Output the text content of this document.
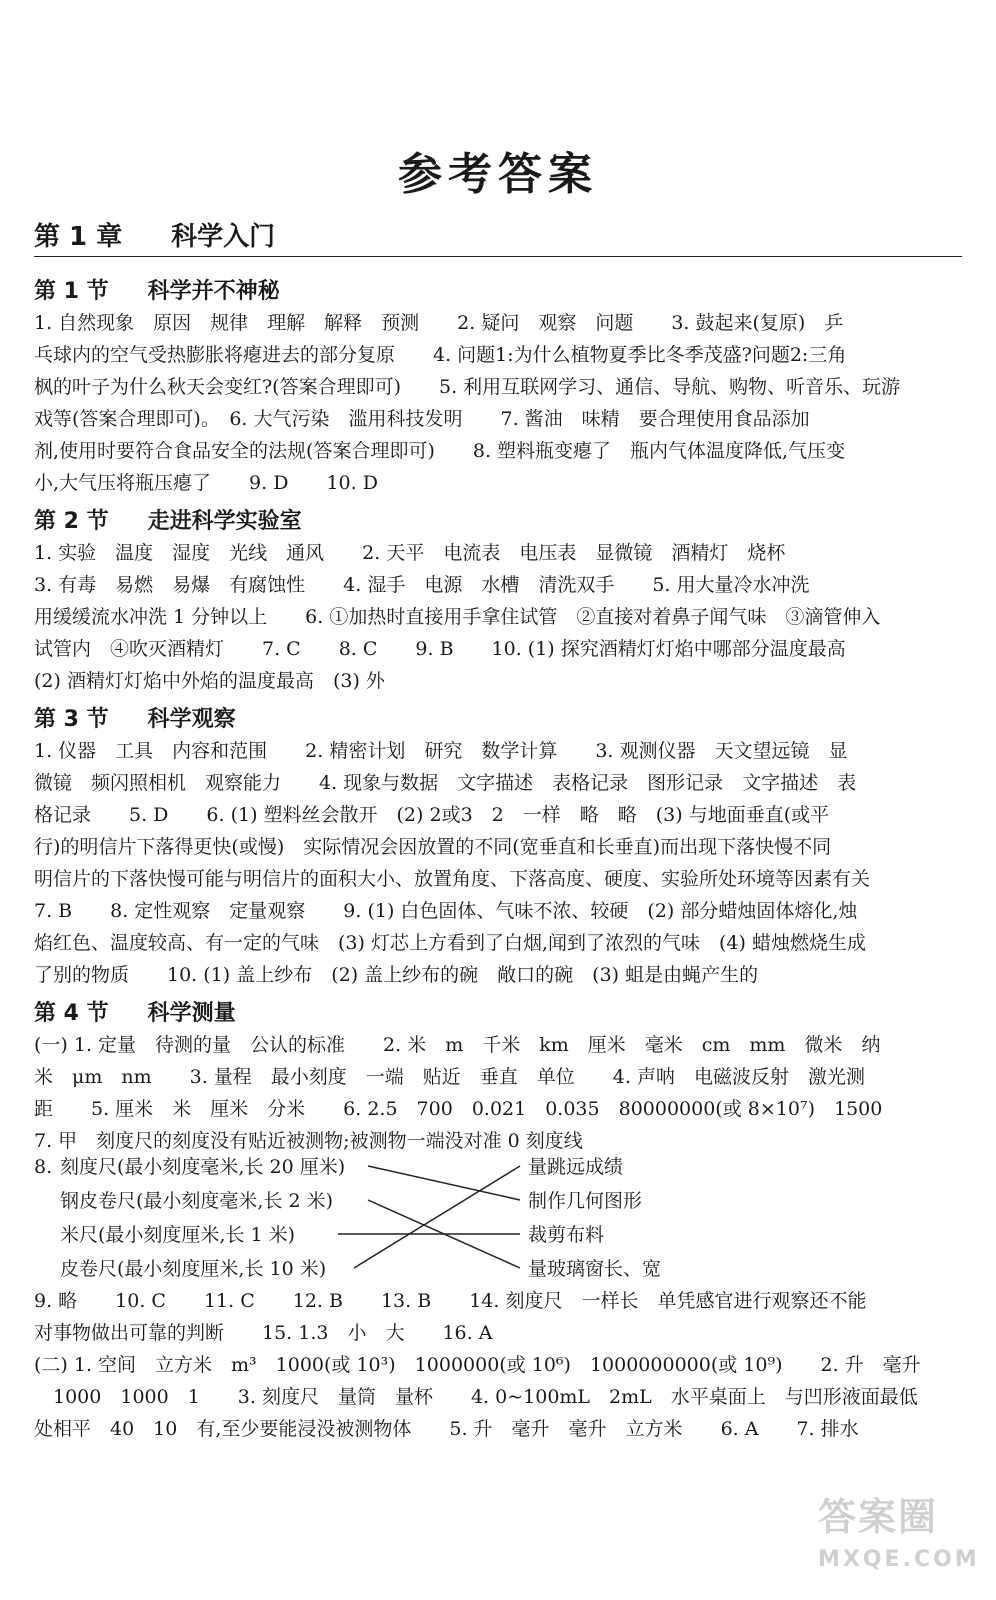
参考答案
第 1 章 科学入门
第 1 节 科学并不神秘
1. 自然现象　原因　规律　理解　解释　预测　　2. 疑问　观察　问题　　3. 鼓起来(复原)　乒
乓球内的空气受热膨胀将瘪进去的部分复原　　4. 问题1:为什么植物夏季比冬季茂盛?问题2:三角
枫的叶子为什么秋天会变红?(答案合理即可)　　5. 利用互联网学习、通信、导航、购物、听音乐、玩游
戏等(答案合理即可)。　6. 大气污染　滥用科技发明　　7. 酱油　味精　要合理使用食品添加
剂,使用时要符合食品安全的法规(答案合理即可)　　8. 塑料瓶变瘪了　瓶内气体温度降低,气压变
小,大气压将瓶压瘪了　　9. D　　10. D
第 2 节 走进科学实验室
1. 实验　温度　湿度　光线　通风　　2. 天平　电流表　电压表　显微镜　酒精灯　烧杯
3. 有毒　易燃　易爆　有腐蚀性　　4. 湿手　电源　水槽　清洗双手　　5. 用大量冷水冲洗
用缓缓流水冲洗 1 分钟以上　　6. ①加热时直接用手拿住试管　②直接对着鼻子闻气味　③滴管伸入
试管内　④吹灭酒精灯　　7. C　　8. C　　9. B　　10. (1) 探究酒精灯灯焰中哪部分温度最高
(2) 酒精灯灯焰中外焰的温度最高　(3) 外
第 3 节 科学观察
1. 仪器　工具　内容和范围　　2. 精密计划　研究　数学计算　　3. 观测仪器　天文望远镜　显
微镜　频闪照相机　观察能力　　4. 现象与数据　文字描述　表格记录　图形记录　文字描述　表
格记录　　5. D　　6. (1) 塑料丝会散开　(2) 2或3　2　一样　略　略　(3) 与地面垂直(或平
行)的明信片下落得更快(或慢)　实际情况会因放置的不同(宽垂直和长垂直)而出现下落快慢不同
明信片的下落快慢可能与明信片的面积大小、放置角度、下落高度、硬度、实验所处环境等因素有关
7. B　　8. 定性观察　定量观察　　9. (1) 白色固体、气味不浓、较硬　(2) 部分蜡烛固体熔化,烛
焰红色、温度较高、有一定的气味　(3) 灯芯上方看到了白烟,闻到了浓烈的气味　(4) 蜡烛燃烧生成
了别的物质　　10. (1) 盖上纱布　(2) 盖上纱布的碗　敞口的碗　(3) 蛆是由蝇产生的
第 4 节 科学测量
(一) 1. 定量　待测的量　公认的标准　　2. 米　m　千米　km　厘米　毫米　cm　mm　微米　纳
米　μm　nm　　3. 量程　最小刻度　一端　贴近　垂直　单位　　4. 声呐　电磁波反射　激光测
距　　5. 厘米　米　厘米　分米　　6. 2.5　700　0.021　0.035　80000000(或 8×10⁷)　1500
7. 甲　刻度尺的刻度没有贴近被测物;被测物一端没对准 0 刻度线
8. 刻度尺(最小刻度毫米,长 20 厘米)
钢皮卷尺(最小刻度毫米,长 2 米)
米尺(最小刻度厘米,长 1 米)
皮卷尺(最小刻度厘米,长 10 米)
量跳远成绩
制作几何图形
裁剪布料
量玻璃窗长、宽
9. 略　　10. C　　11. C　　12. B　　13. B　　14. 刻度尺　一样长　单凭感官进行观察还不能
对事物做出可靠的判断　　15. 1.3　小　大　　16. A
(二) 1. 空间　立方米　m³　1000(或 10³)　1000000(或 10⁶)　1000000000(或 10⁹)　　2. 升　毫升
　1000　1000　1　　3. 刻度尺　量筒　量杯　　4. 0~100mL　2mL　水平桌面上　与凹形液面最低
处相平　40　10　有,至少要能浸没被测物体　　5. 升　毫升　毫升　立方米　　6. A　　7. 排水
答案圈
MXQE.COM
